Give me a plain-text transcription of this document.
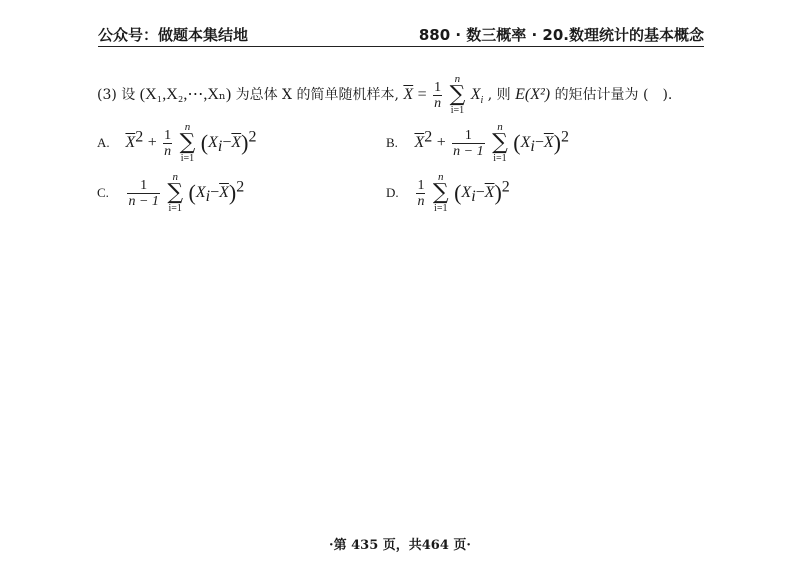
公众号：做题本集结地	880 · 数三概率 · 20.数理统计的基本概念
(3) 设 (X₁,X₂,⋯,Xₙ) 为总体 X 的简单随机样本, $\overline{X} = \frac{1}{n}$

n
∑
i=1
$X_i$ , 则 E(X²) 的矩估计量为 (　).
A. $\overline{X}^2 + \frac{1}{n}$

n
∑
i=1
$(X_i-\overline{X})^2$	B. $\overline{X}^2 + \frac{1}{n - 1}$

n
∑
i=1
$(X_i-\overline{X})^2$
C. $\frac{1}{n - 1}$

n
∑
i=1
$(X_i-\overline{X})^2$	D. $\frac{1}{n}$

n
∑
i=1
$(X_i-\overline{X})^2$
·第 435 页，共464 页·
